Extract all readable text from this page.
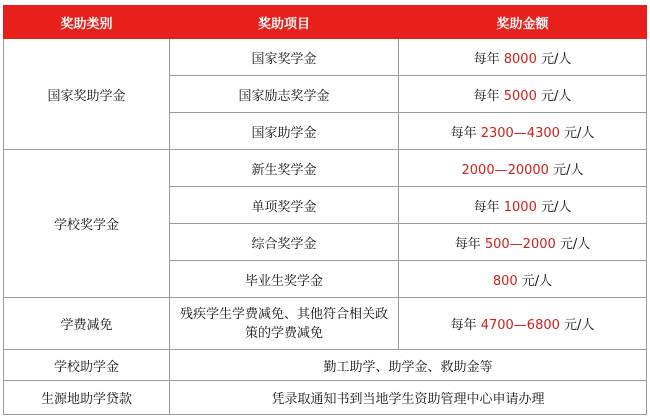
奖助类别	奖助项目	奖助金额
国家奖助学金	国家奖学金	每年 8000 元/人
	国家励志奖学金	每年 5000 元/人
	国家助学金	每年 2300—4300 元/人
学校奖学金	新生奖学金	2000—20000 元/人
	单项奖学金	每年 1000 元/人
	综合奖学金	每年 500—2000 元/人
	毕业生奖学金	800 元/人
学费减免	残疾学生学费减免、其他符合相关政策的学费减免	每年 4700—6800 元/人
学校助学金	勤工助学、助学金、救助金等	
生源地助学贷款	凭录取通知书到当地学生资助管理中心申请办理	
